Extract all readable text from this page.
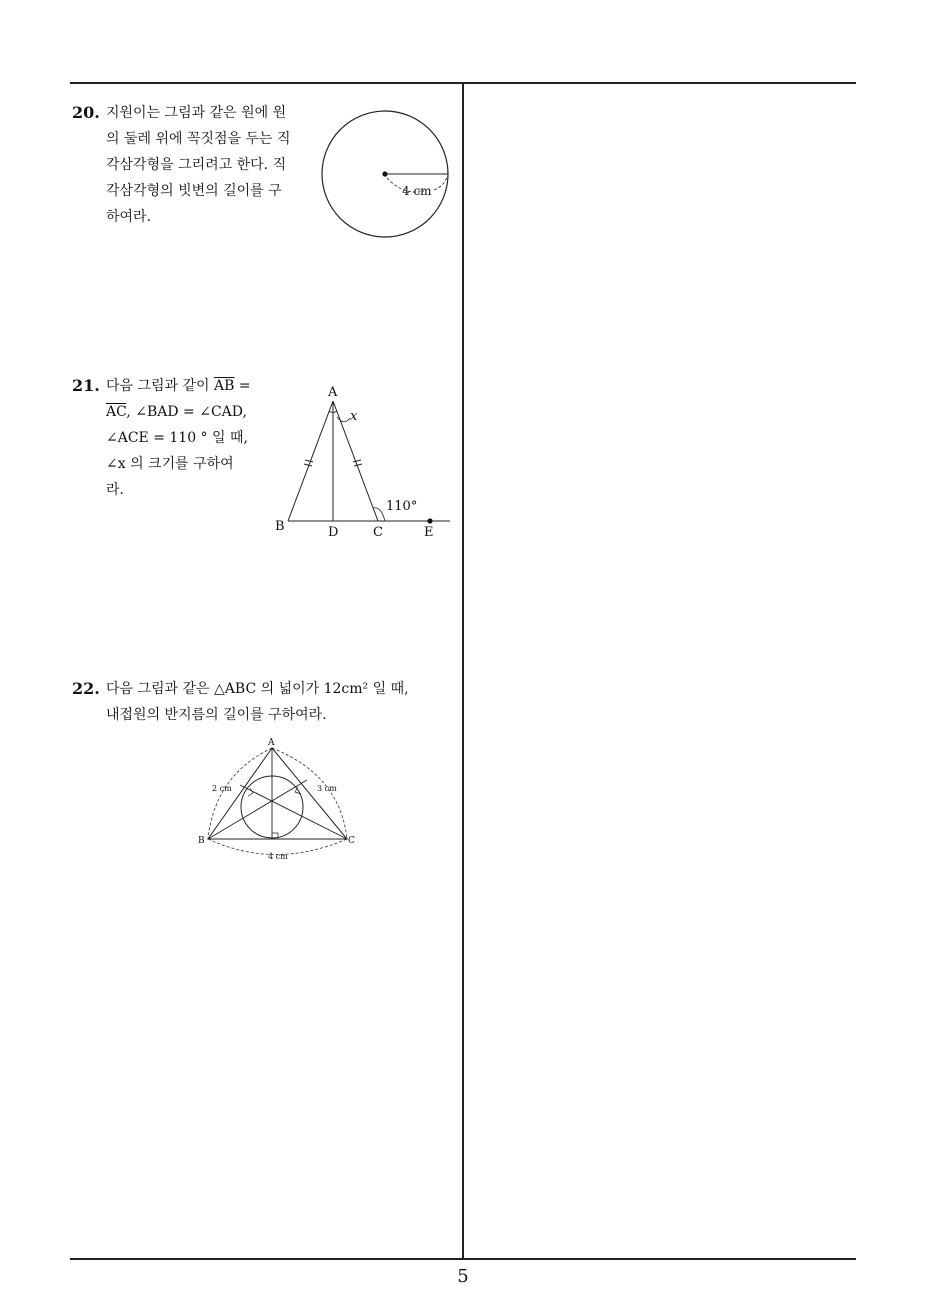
20. 지원이는 그림과 같은 원에 원
의 둘레 위에 꼭짓점을 두는 직
각삼각형을 그리려고 한다. 직
각삼각형의 빗변의 길이를 구
하여라.
4 cm
21. 다음 그림과 같이 $\overline{AB}$ =
$\overline{AC}$, ∠BAD = ∠CAD,
∠ACE = 110 ° 일 때,
∠x 의 크기를 구하여
라.
A
x
110°
B	D	C	E
22. 다음 그림과 같은 △ABC 의 넓이가 12cm² 일 때,
내접원의 반지름의 길이를 구하여라.
A
B	C
2 cm	3 cm
4 cm
5
